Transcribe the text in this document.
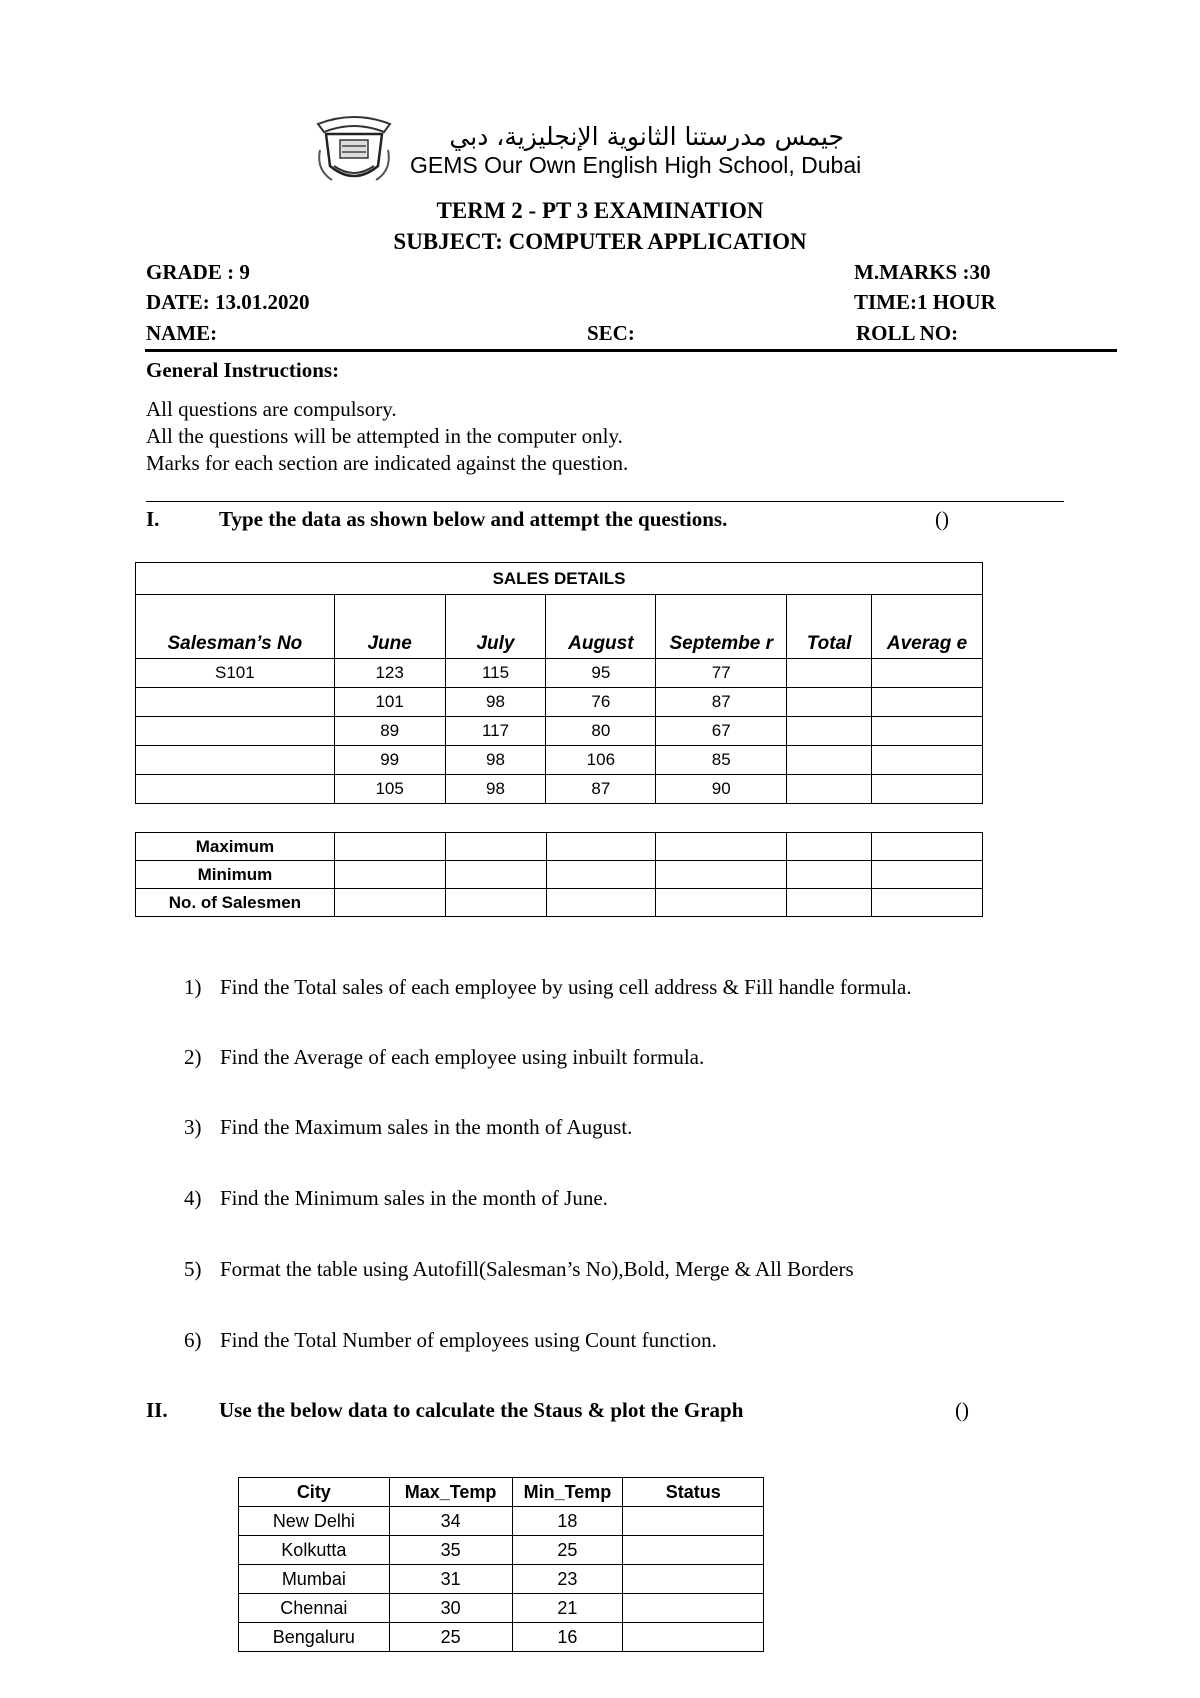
جيمس مدرستنا الثانوية الإنجليزية، دبي
GEMS Our Own English High School, Dubai
TERM 2 - PT 3 EXAMINATION
SUBJECT: COMPUTER APPLICATION
GRADE : 9	M.MARKS :30
DATE: 13.01.2020	TIME:1 HOUR
NAME:	SEC:	ROLL NO:
General Instructions:
All questions are compulsory.
All the questions will be attempted in the computer only.
Marks for each section are indicated against the question.
I.	Type the data as shown below and attempt the questions.	()
SALES DETAILS						
Salesman’s No	June	July	August	Septembe r	Total	Averag e
S101	123	115	95	77		
	101	98	76	87		
	89	117	80	67		
	99	98	106	85		
	105	98	87	90		
Maximum						
Minimum						
No. of Salesmen						
1) Find the Total sales of each employee by using cell address & Fill handle formula.
2) Find the Average of each employee using inbuilt formula.
3) Find the Maximum sales in the month of August.
4) Find the Minimum sales in the month of June.
5) Format the table using Autofill(Salesman’s No),Bold, Merge & All Borders
6) Find the Total Number of employees using Count function.
II. Use the below data to calculate the Staus & plot the Graph	()
City	Max_Temp	Min_Temp	Status
New Delhi	34	18	
Kolkutta	35	25	
Mumbai	31	23	
Chennai	30	21	
Bengaluru	25	16	
